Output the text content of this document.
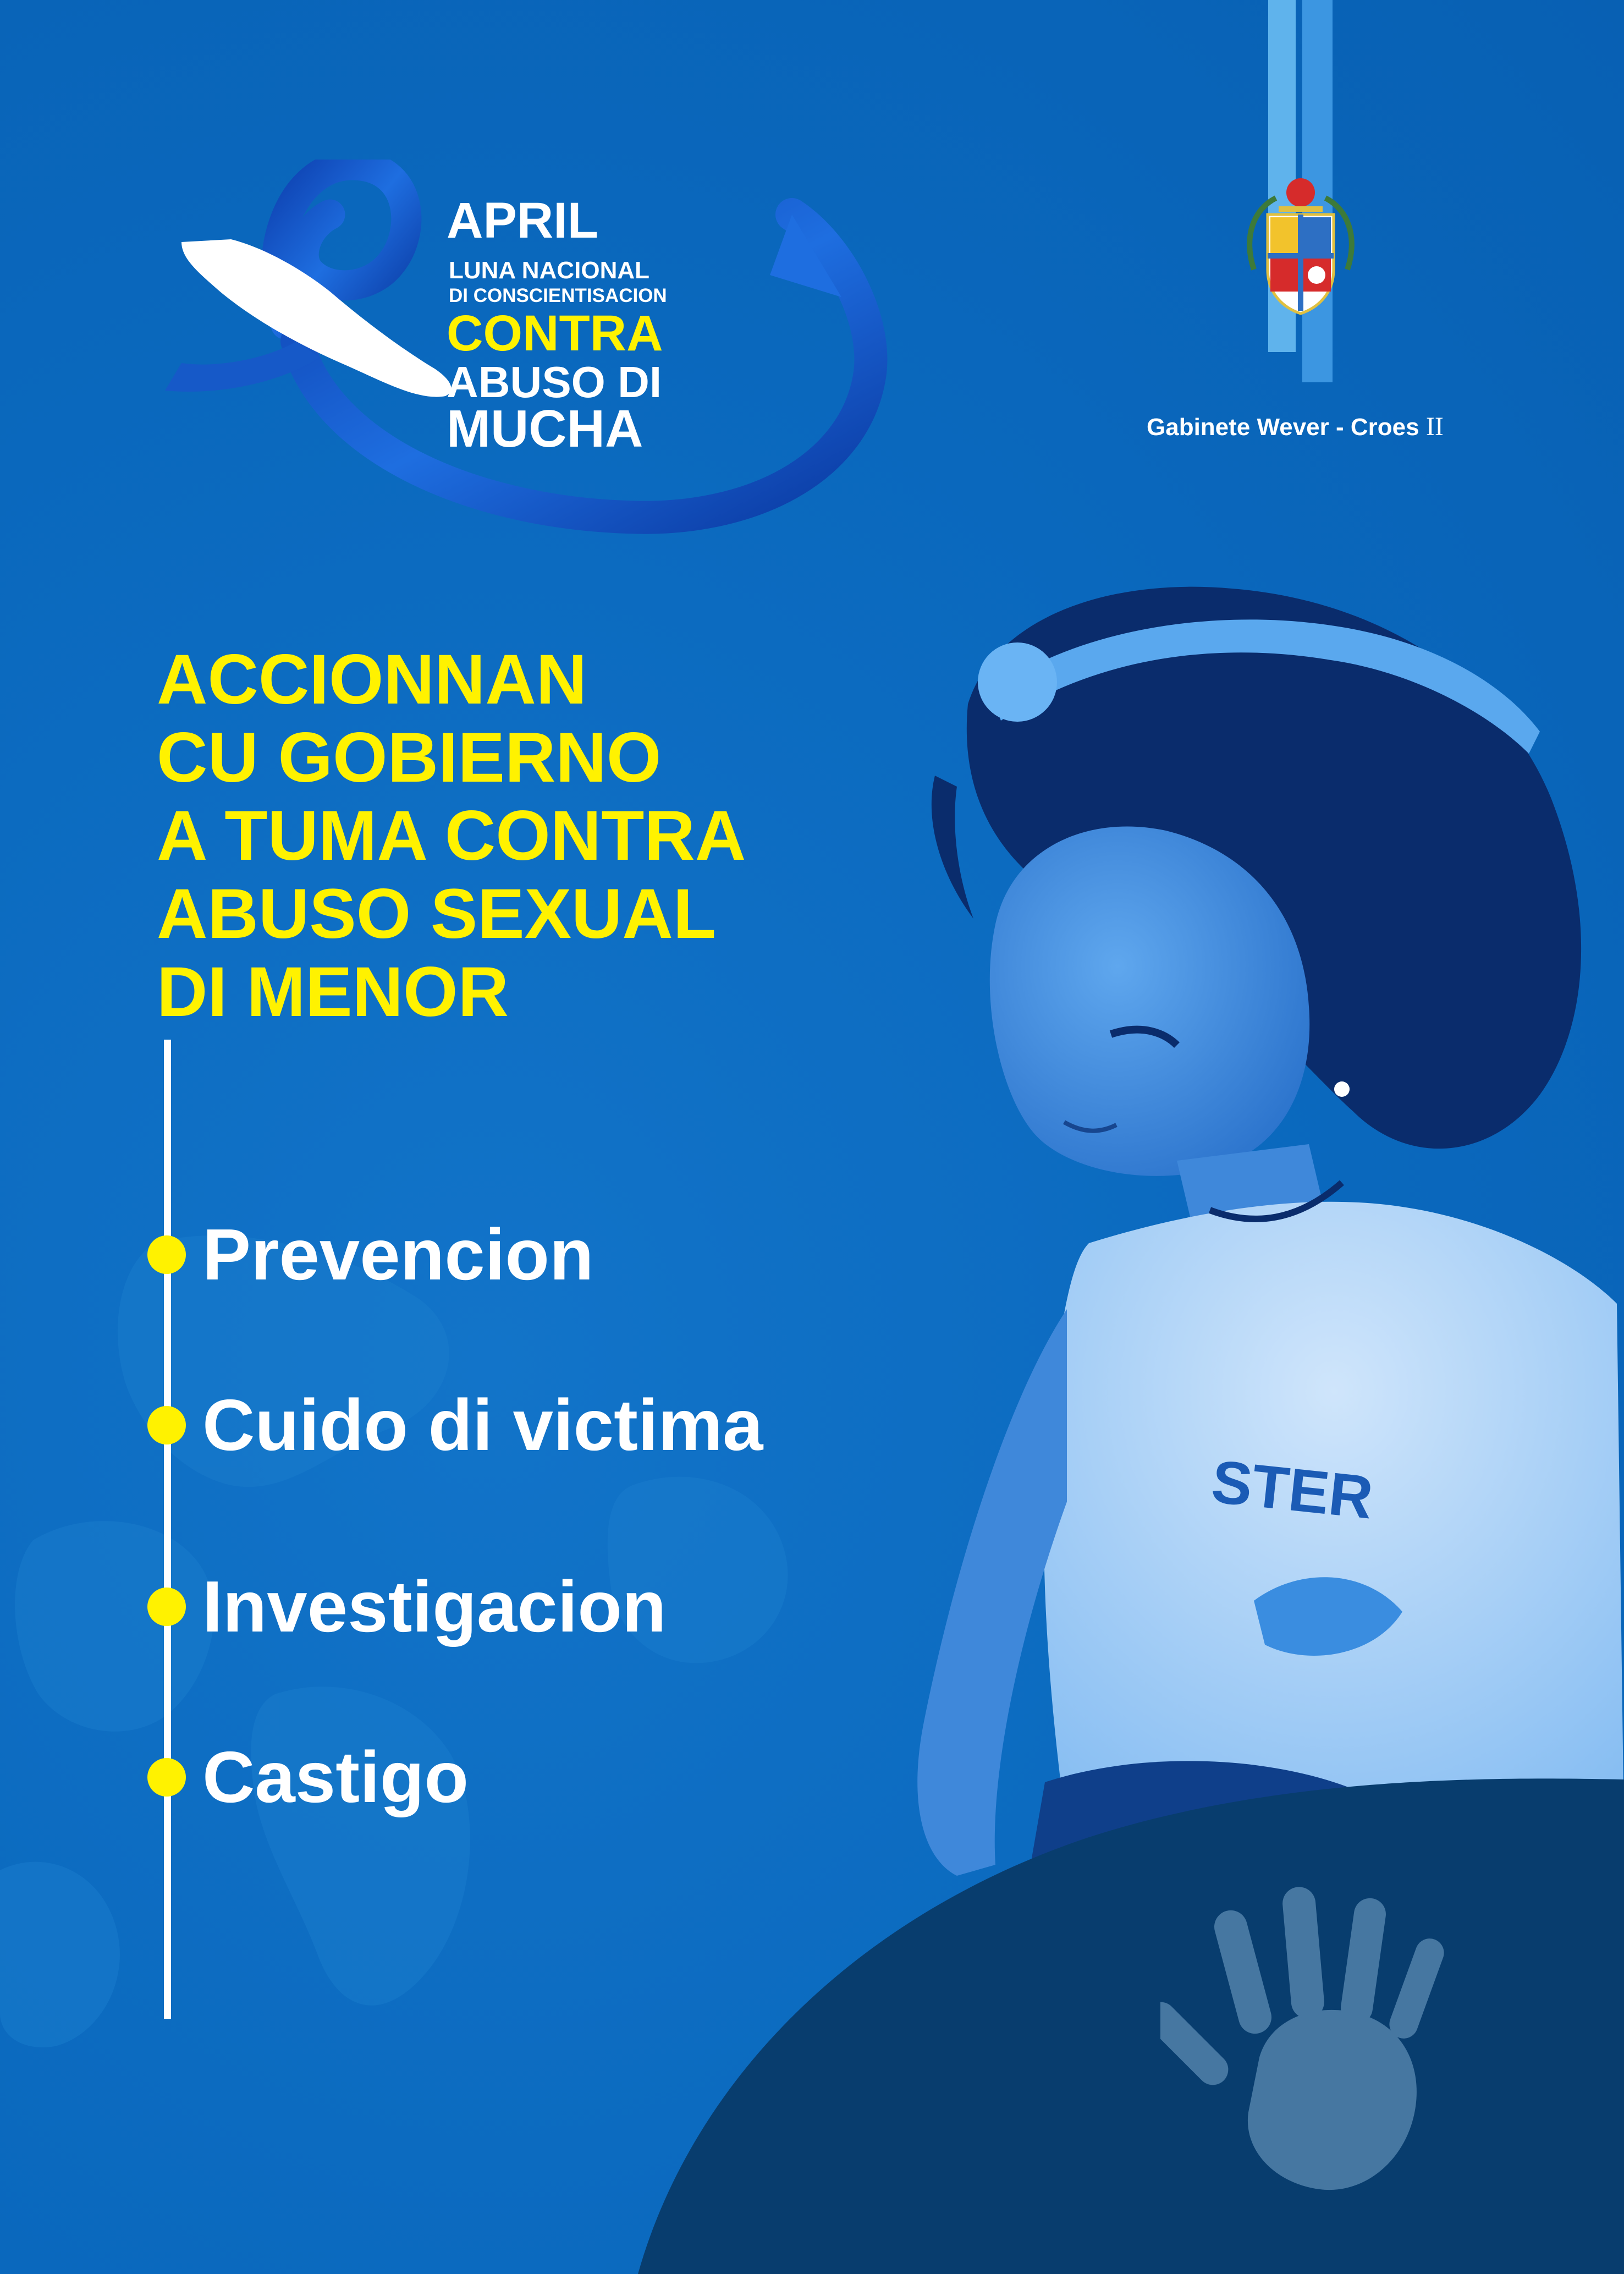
APRIL
LUNA NACIONAL
DI CONSCIENTISACION
CONTRA
ABUSO DI
MUCHA	Gabinete Wever - Croes II
STER
ACCIONNAN
CU GOBIERNO
A TUMA CONTRA
ABUSO SEXUAL
DI MENOR
Prevencion
Cuido di victima
Investigacion
Castigo
